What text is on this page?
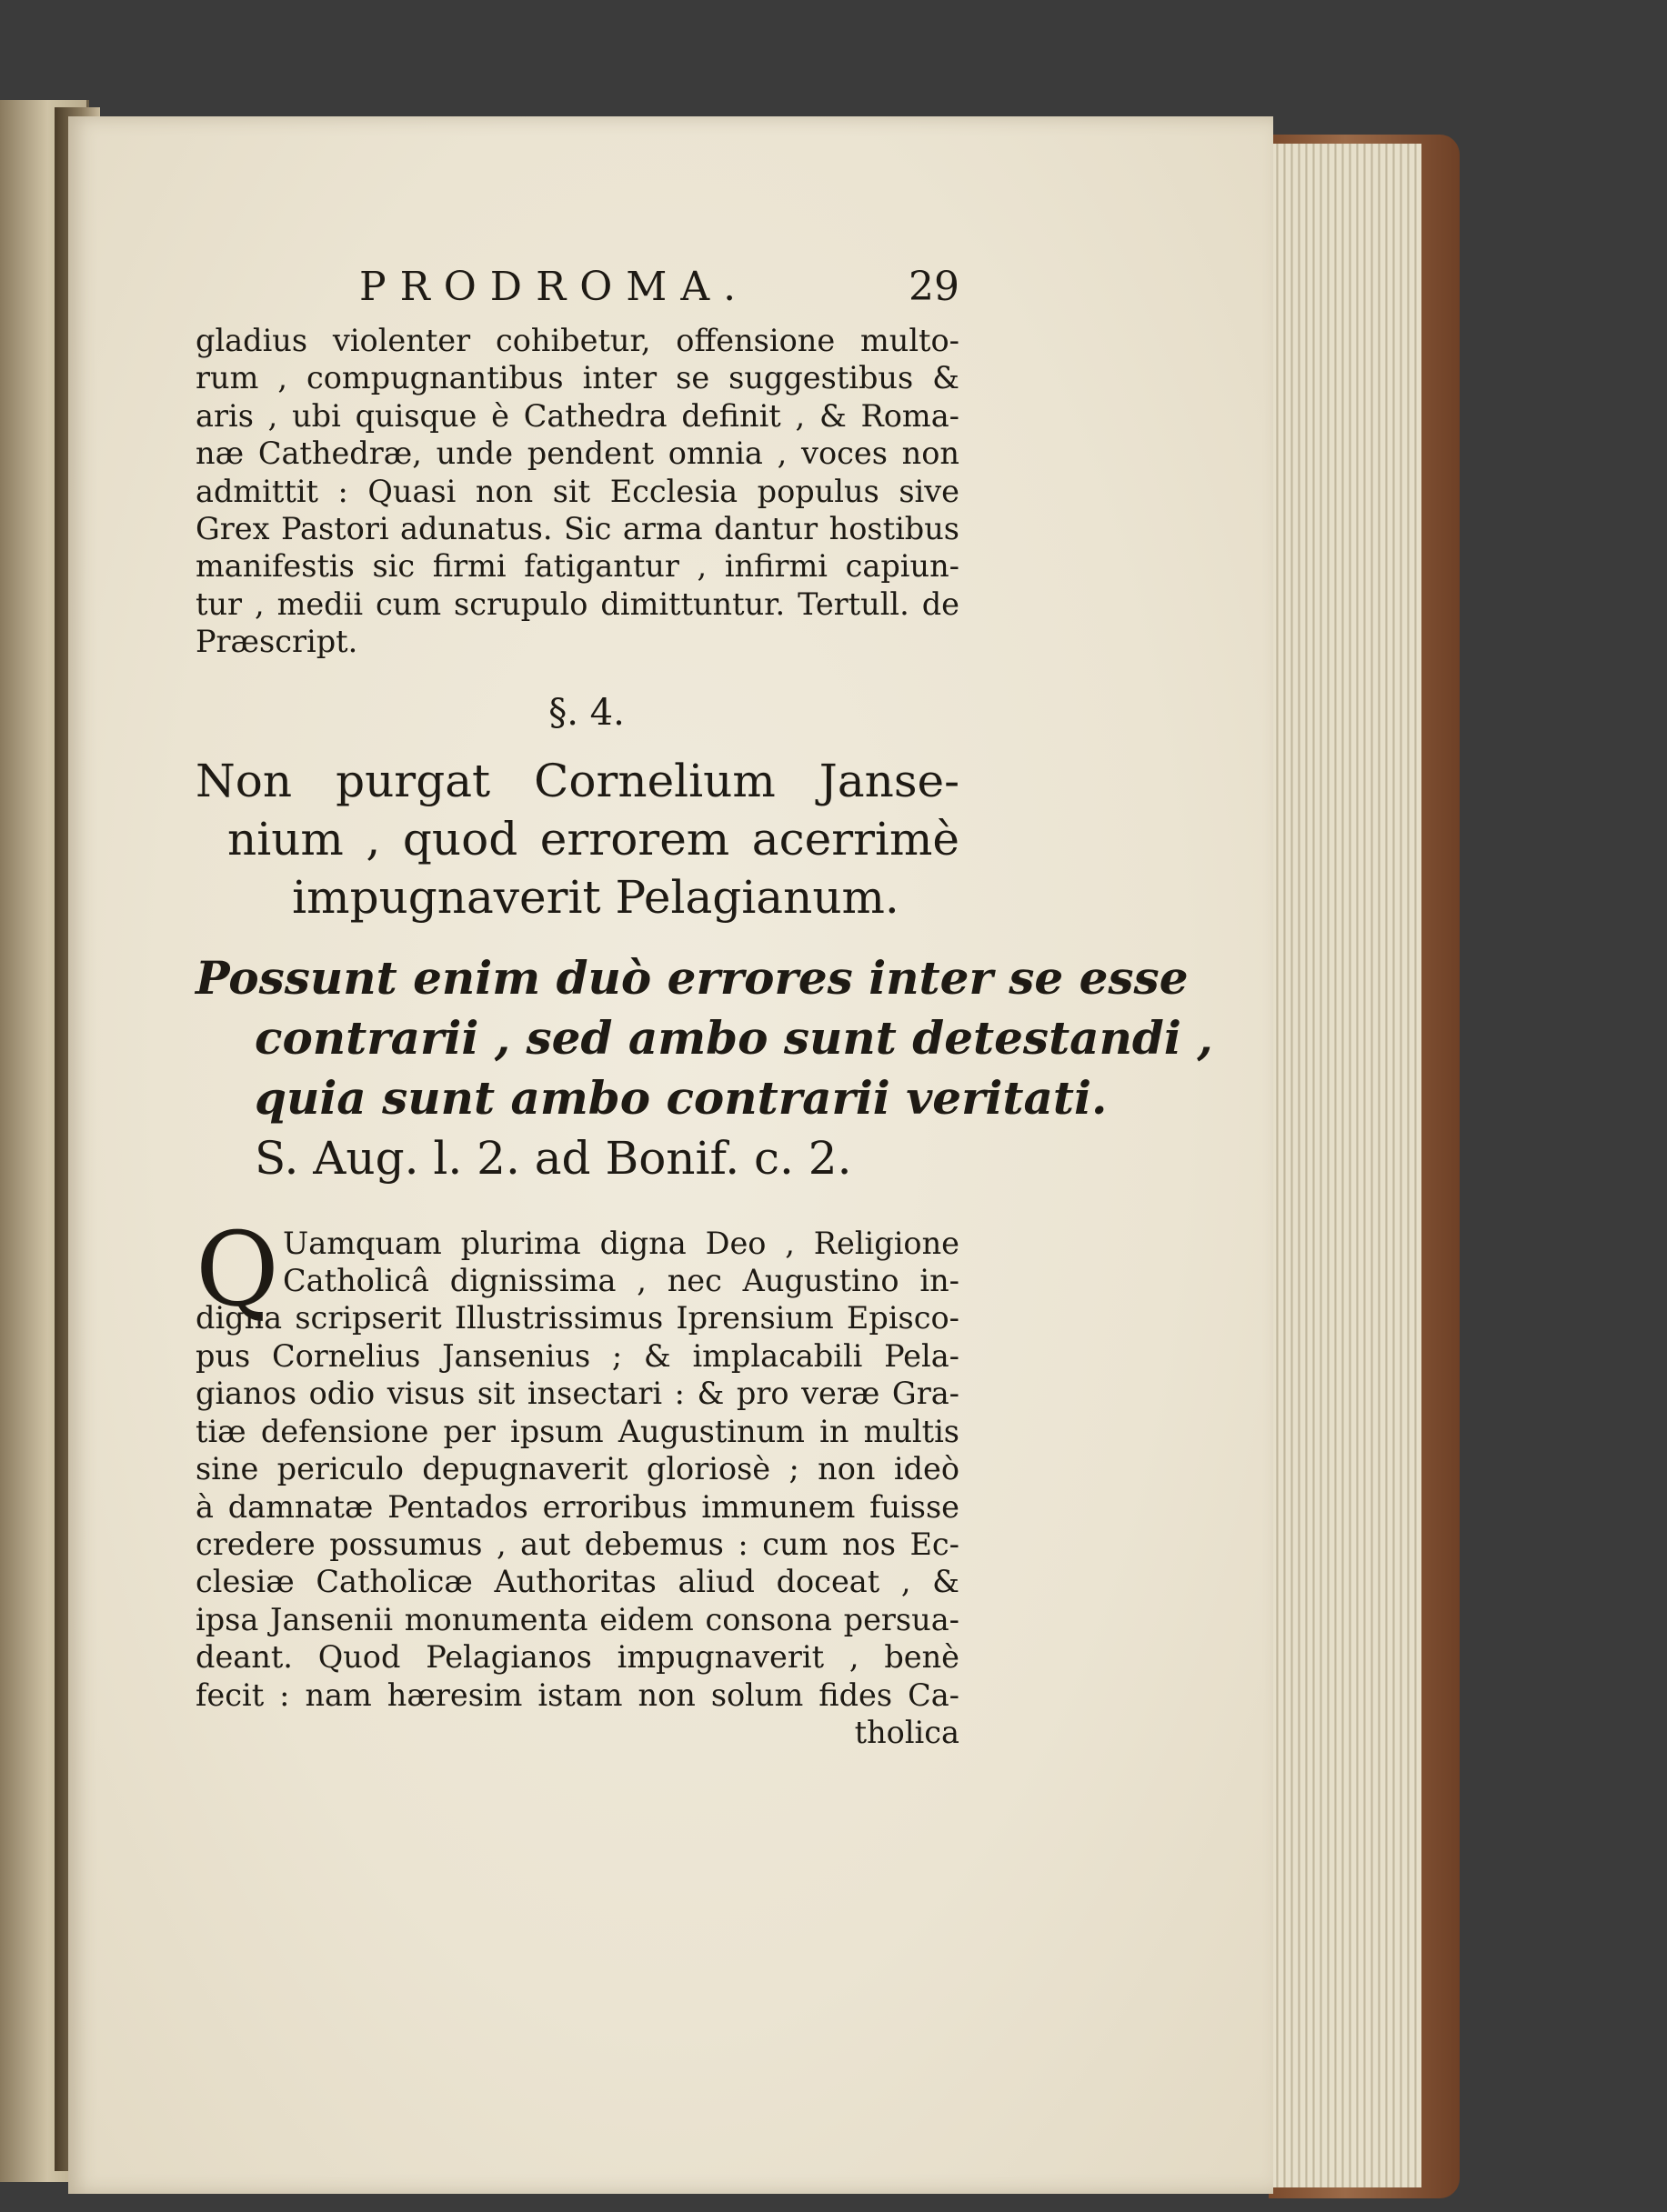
PRODROMA.	29
gladius violenter cohibetur, offensione multo-
rum , compugnantibus inter se suggestibus &
aris , ubi quisque è Cathedra definit , & Roma-
næ Cathedræ, unde pendent omnia , voces non
admittit : Quasi non sit Ecclesia populus sive
Grex Pastori adunatus. Sic arma dantur hostibus
manifestis sic firmi fatigantur , infirmi capiun-
tur , medii cum scrupulo dimittuntur. Tertull. de
Præscript.
§. 4.
Non purgat Cornelium Janse-
nium , quod errorem acerrimè
impugnaverit Pelagianum.
Possunt enim duò errores inter se esse
contrarii , sed ambo sunt detestandi ,
quia sunt ambo contrarii veritati.
S. Aug. l. 2. ad Bonif. c. 2.
Q Uamquam plurima digna Deo , Religione
Catholicâ dignissima , nec Augustino in-
digna scripserit Illustrissimus Iprensium Episco-
pus Cornelius Jansenius ; & implacabili Pela-
gianos odio visus sit insectari : & pro veræ Gra-
tiæ defensione per ipsum Augustinum in multis
sine periculo depugnaverit gloriosè ; non ideò
à damnatæ Pentados erroribus immunem fuisse
credere possumus , aut debemus : cum nos Ec-
clesiæ Catholicæ Authoritas aliud doceat , &
ipsa Jansenii monumenta eidem consona persua-
deant. Quod Pelagianos impugnaverit , benè
fecit : nam hæresim istam non solum fides Ca-
tholica
